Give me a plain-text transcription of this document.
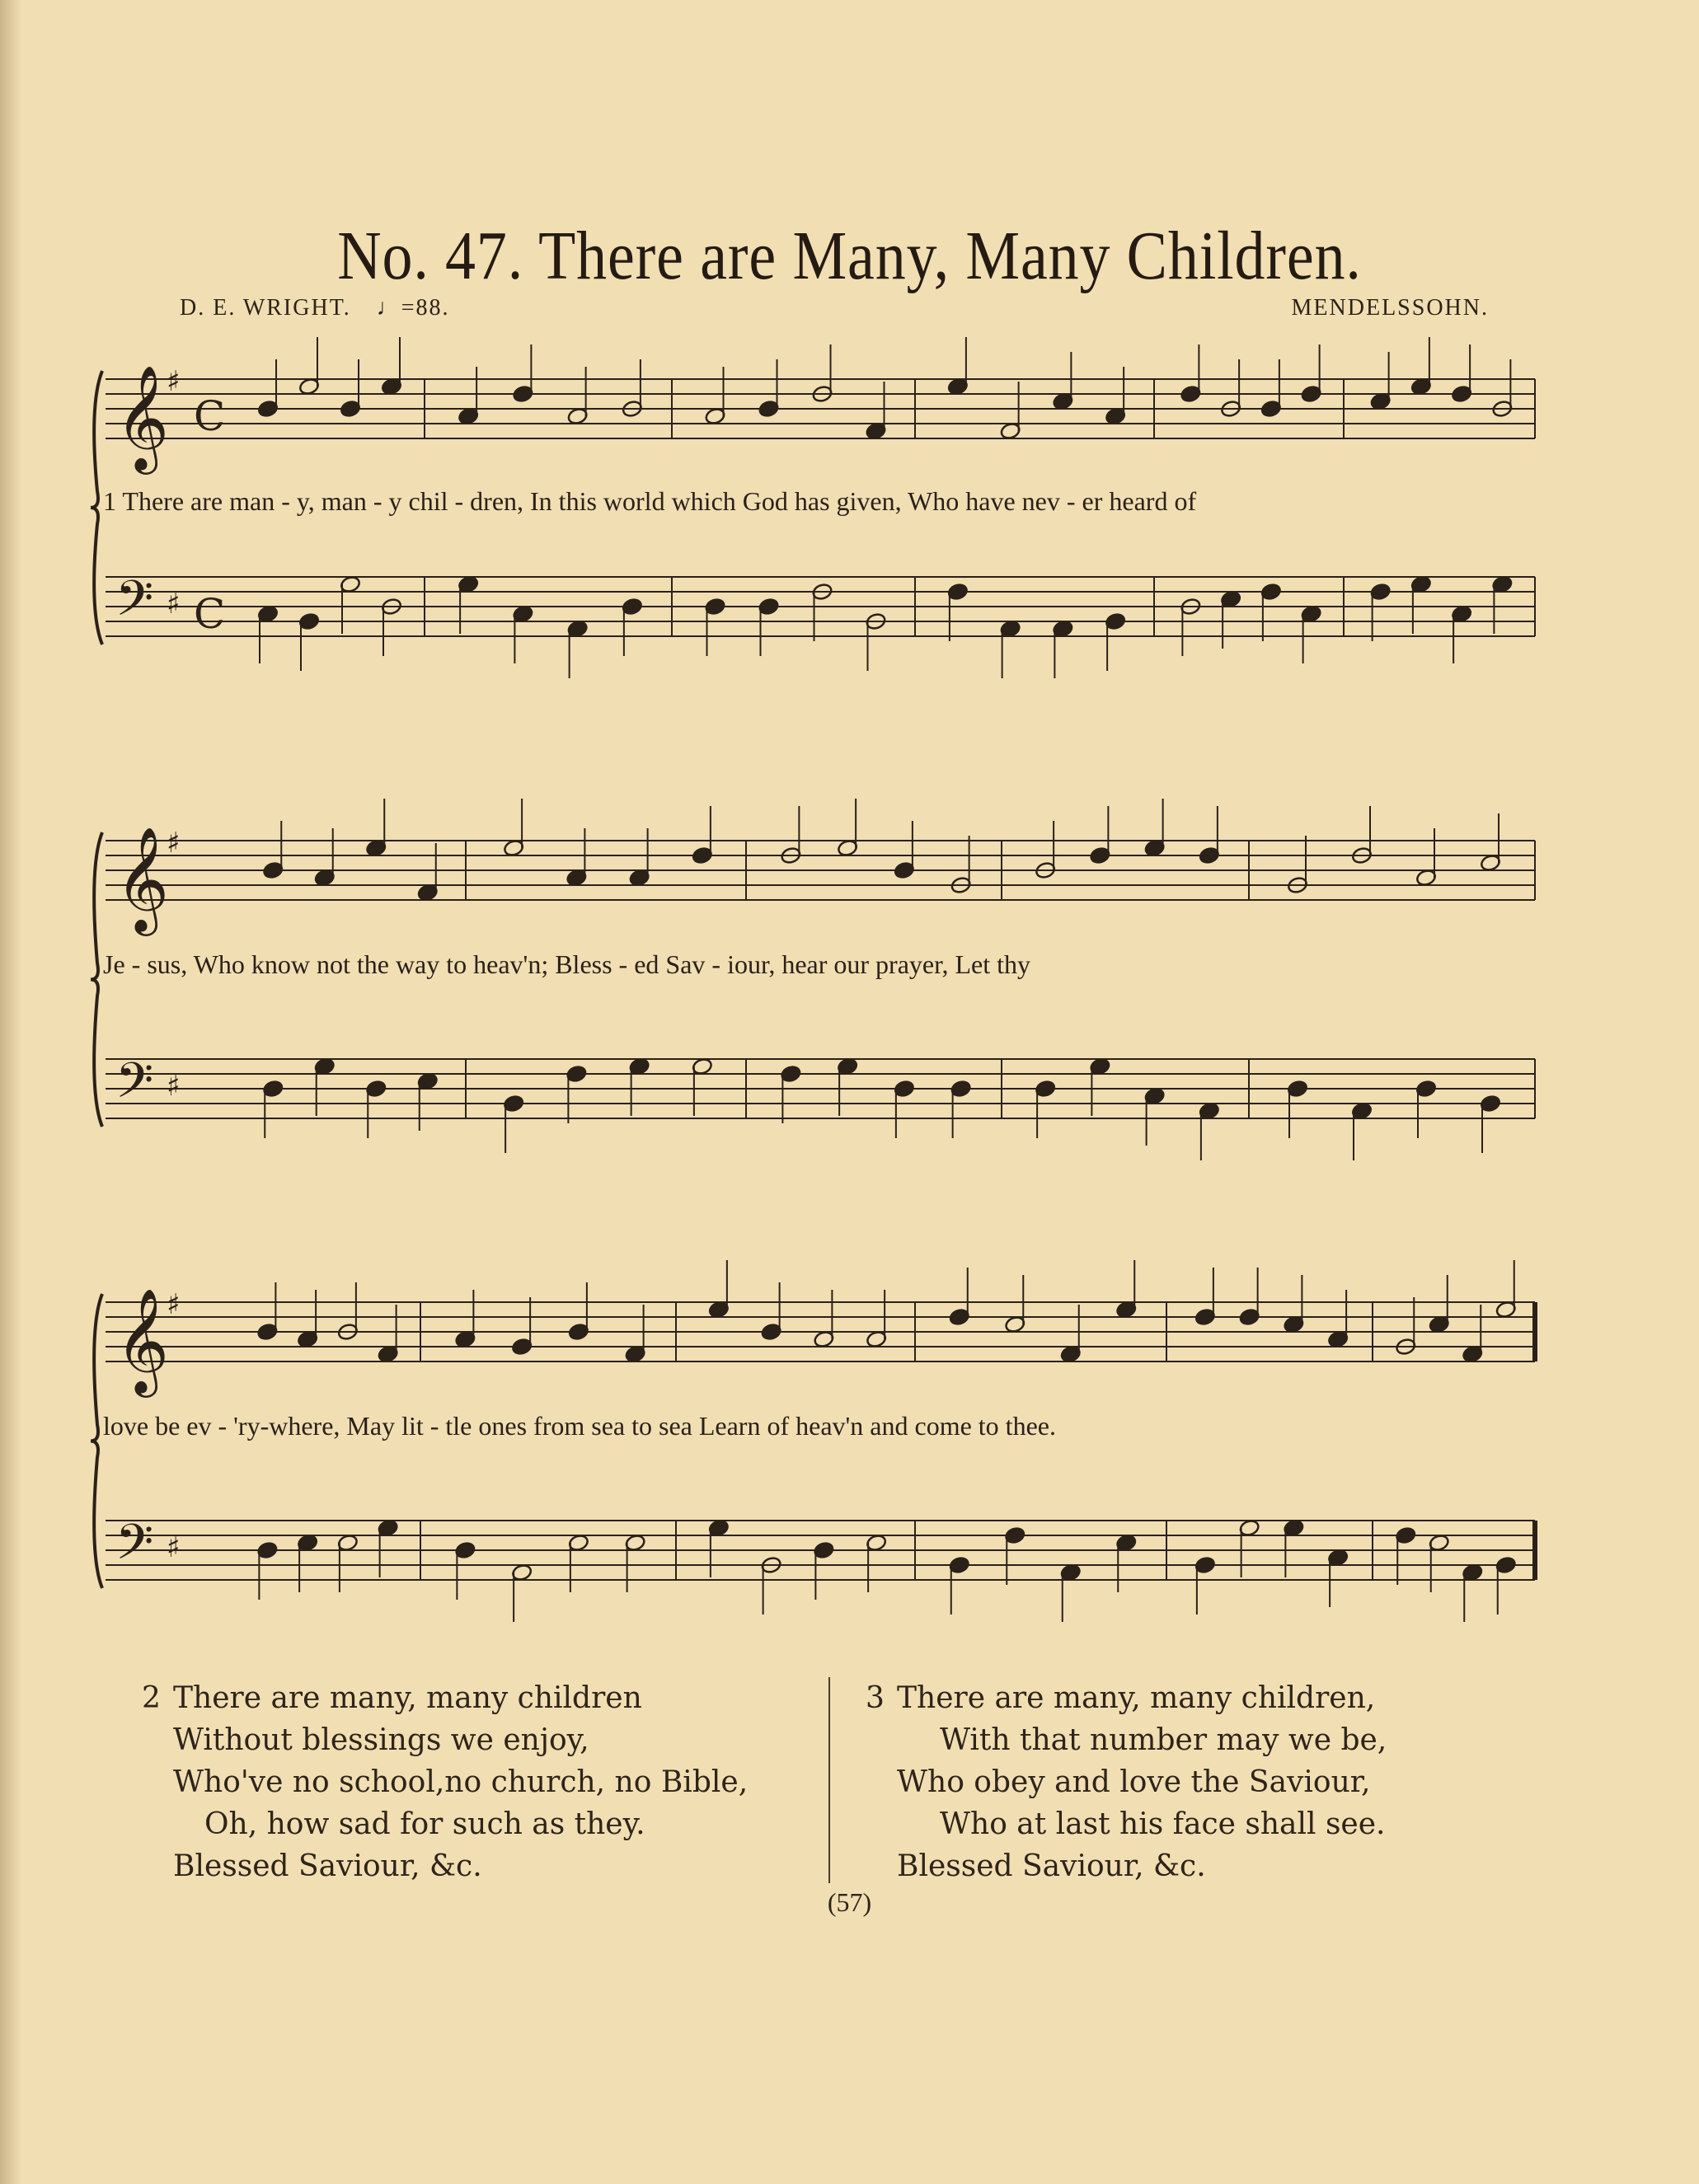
No. 47. There are Many, Many Children.
D. E. WRIGHT. ♩=88.	MENDELSSOHN.
𝄞
♯
C
𝄢 ♯ C
1 There are man - y, man - y chil - dren, In this world which God has given, Who have nev - er heard of
𝄞
♯
𝄢 ♯
Je - sus, Who know not the way to heav'n; Bless - ed Sav - iour, hear our prayer, Let thy
𝄞
♯
𝄢 ♯
love be ev - 'ry-where, May lit - tle ones from sea to sea Learn of heav'n and come to thee.
2 There are many, many children
Without blessings we enjoy,
Who've no school,no church, no Bible,
Oh, how sad for such as they.
Blessed Saviour, &c.
3 There are many, many children,
With that number may we be,
Who obey and love the Saviour,
Who at last his face shall see.
Blessed Saviour, &c.
(57)
